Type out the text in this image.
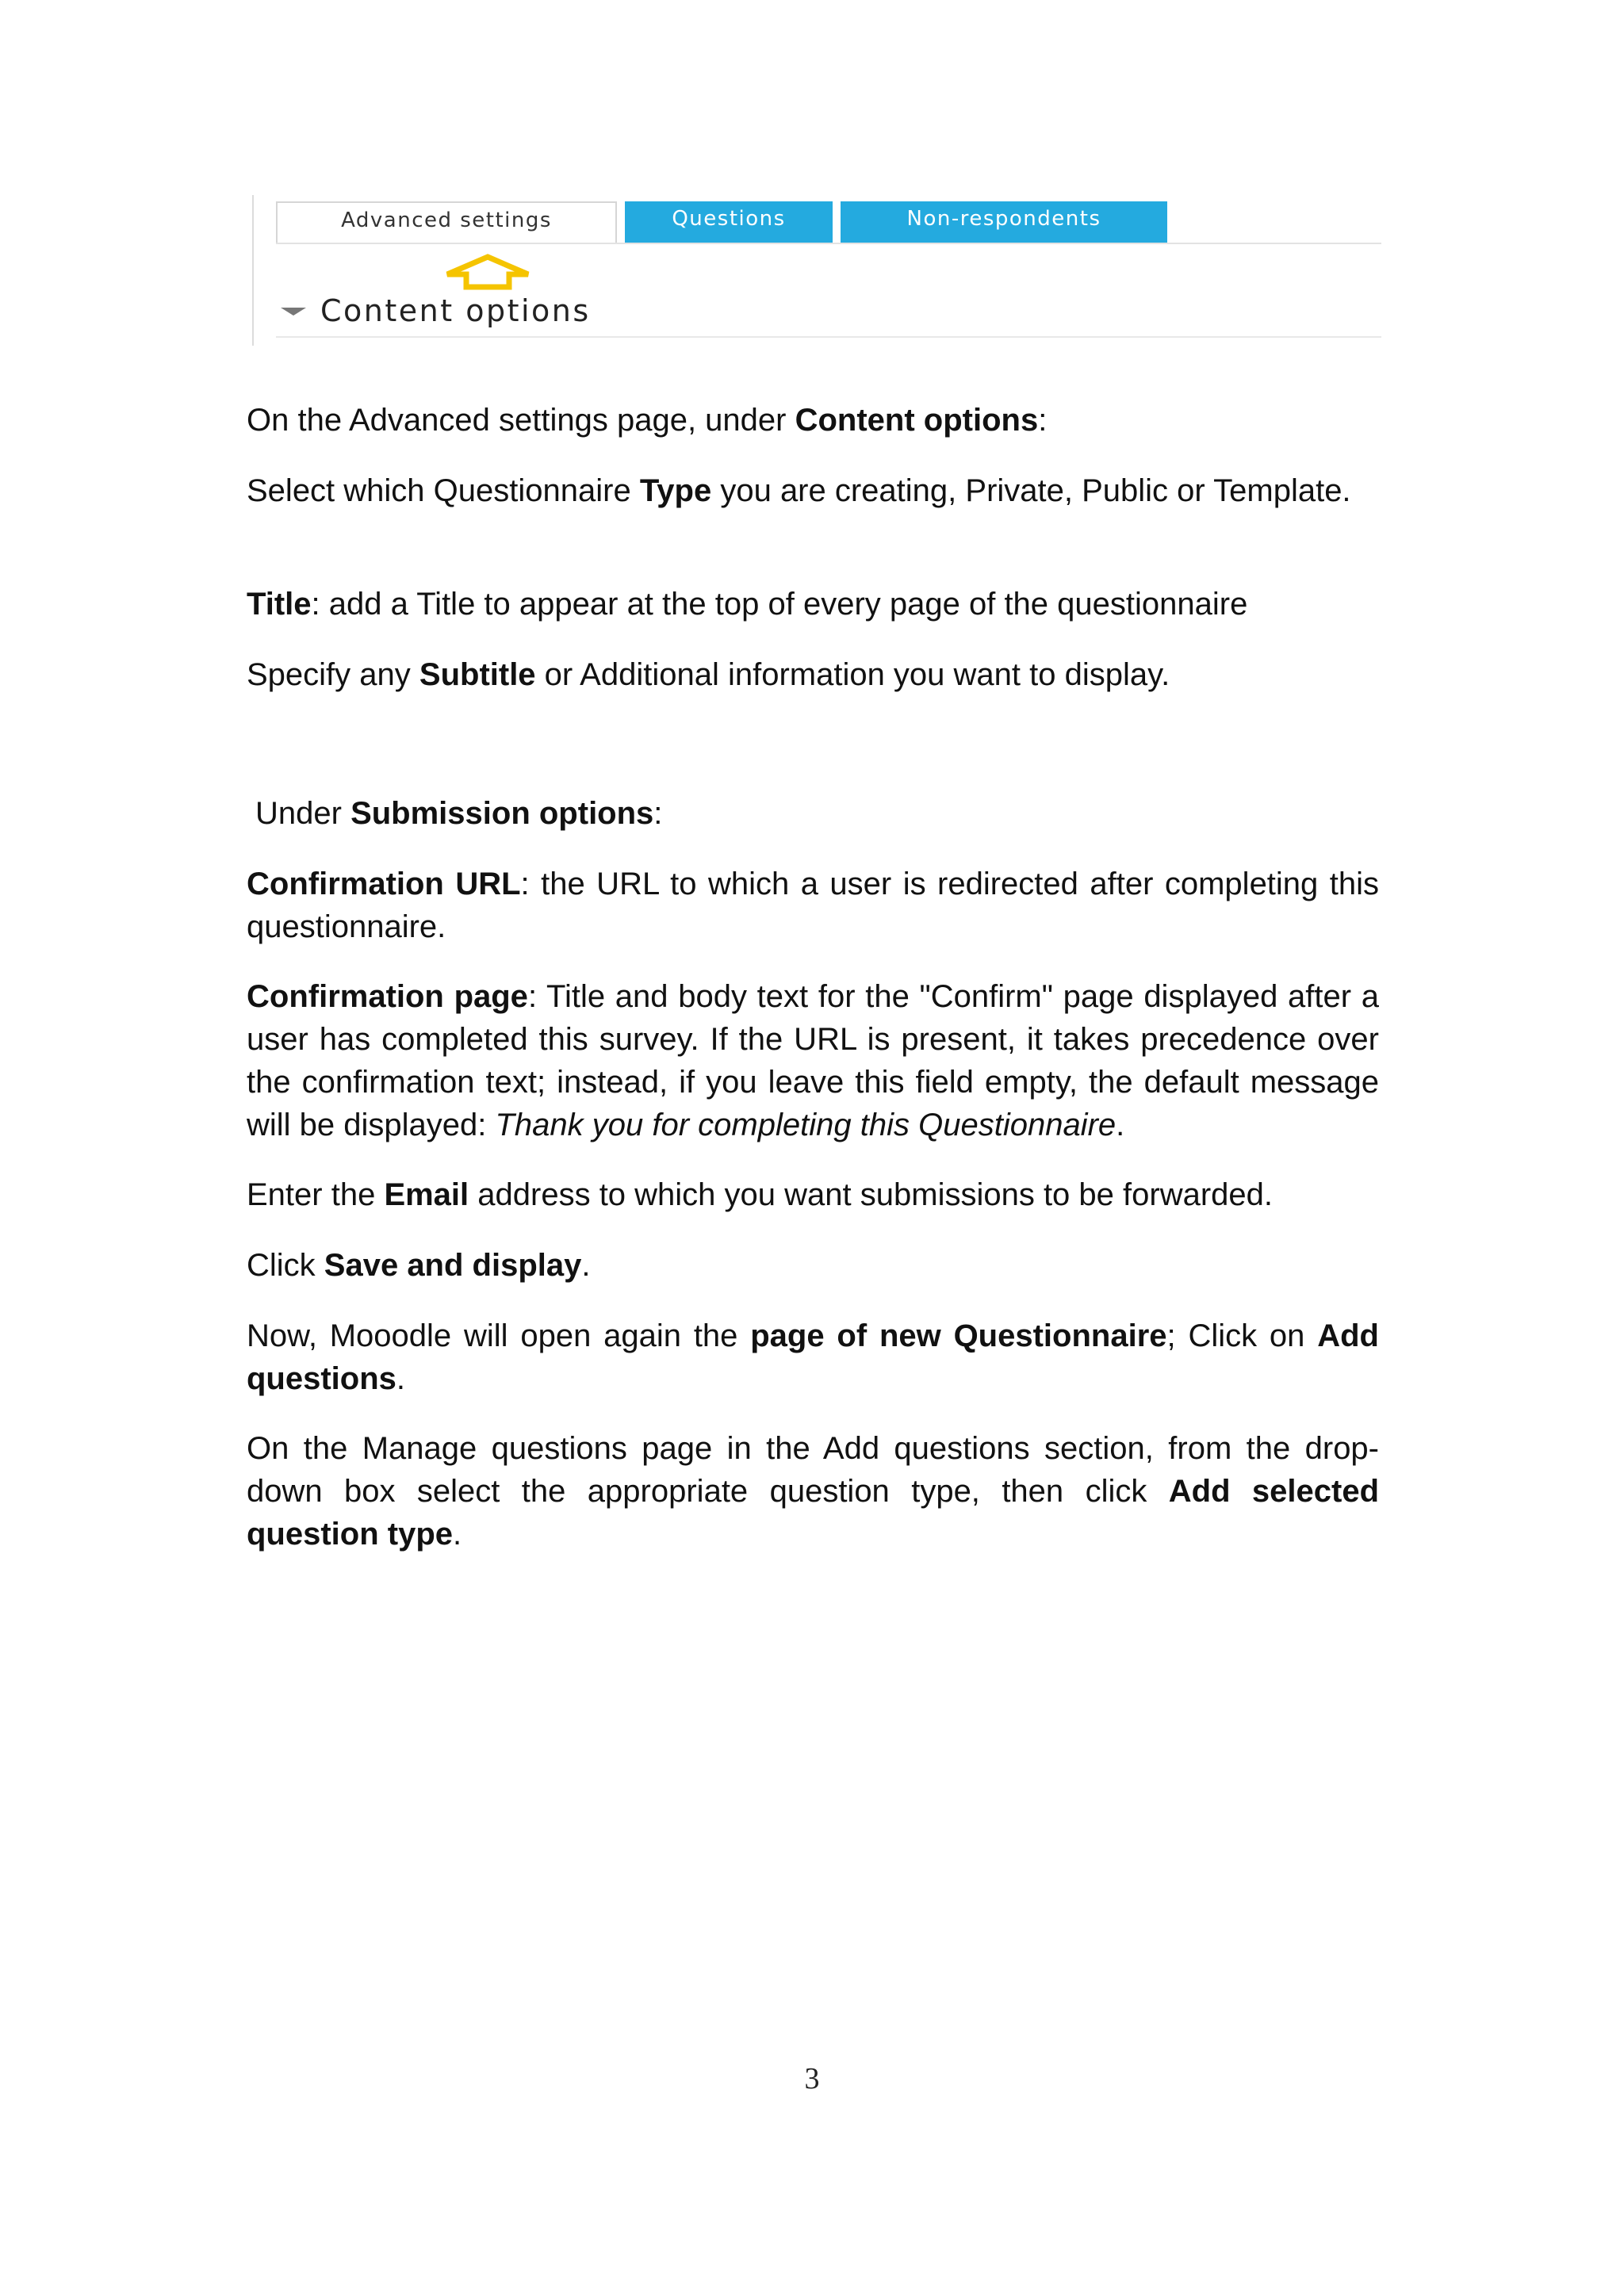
Advanced settings	Questions	Non-respondents
Content options

On the Advanced settings page, under Content options:

Select which Questionnaire Type you are creating, Private, Public or Template.

Title: add a Title to appear at the top of every page of the questionnaire

Specify any Subtitle or Additional information you want to display.

Under Submission options:

Confirmation URL: the URL to which a user is redirected after completing this questionnaire.

Confirmation page: Title and body text for the "Confirm" page displayed after a user has completed this survey. If the URL is present, it takes precedence over the confirmation text; instead, if you leave this field empty, the default message will be displayed: Thank you for completing this Questionnaire.

Enter the Email address to which you want submissions to be forwarded.

Click Save and display.

Now, Mooodle will open again the page of new Questionnaire; Click on Add questions.

On the Manage questions page in the Add questions section, from the drop-down box select the appropriate question type, then click Add selected question type.

3
